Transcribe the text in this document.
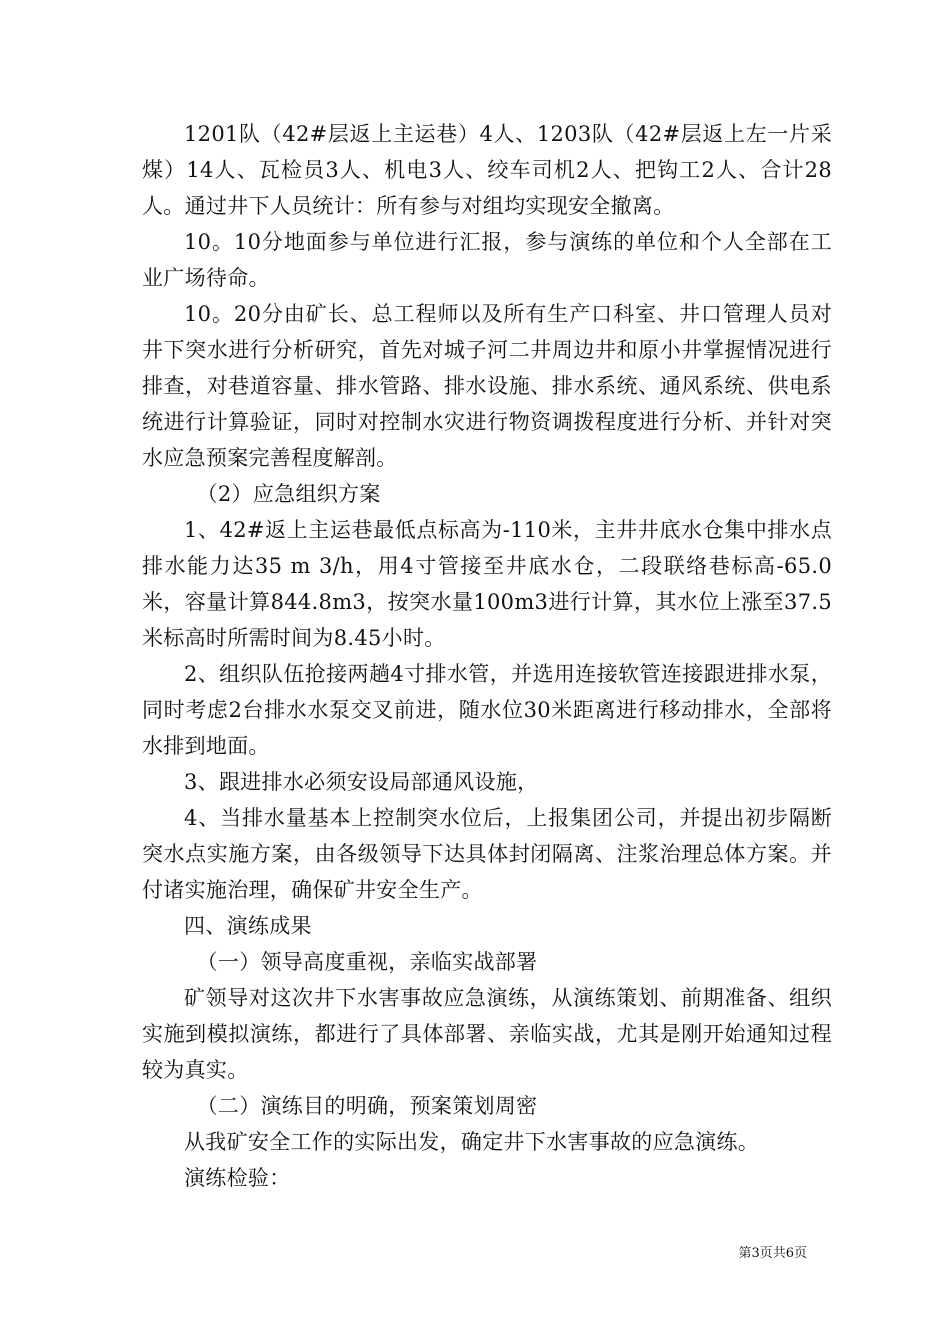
1201队（42#层返上主运巷）4人、1203队（42#层返上左一片采煤）14人、瓦检员3人、机电3人、绞车司机2人、把钩工2人、合计28人。通过井下人员统计：所有参与对组均实现安全撤离。

10。10分地面参与单位进行汇报，参与演练的单位和个人全部在工业广场待命。

10。20分由矿长、总工程师以及所有生产口科室、井口管理人员对井下突水进行分析研究，首先对城子河二井周边井和原小井掌握情况进行排查，对巷道容量、排水管路、排水设施、排水系统、通风系统、供电系统进行计算验证，同时对控制水灾进行物资调拨程度进行分析、并针对突水应急预案完善程度解剖。

（2）应急组织方案

1、42#返上主运巷最低点标高为-110米，主井井底水仓集中排水点排水能力达35 m 3/h，用4寸管接至井底水仓，二段联络巷标高-65.0米，容量计算844.8m3，按突水量100m3进行计算，其水位上涨至37.5米标高时所需时间为8.45小时。

2、组织队伍抢接两趟4寸排水管，并选用连接软管连接跟进排水泵，同时考虑2台排水水泵交叉前进，随水位30米距离进行移动排水，全部将水排到地面。

3、跟进排水必须安设局部通风设施，

4、当排水量基本上控制突水位后，上报集团公司，并提出初步隔断突水点实施方案，由各级领导下达具体封闭隔离、注浆治理总体方案。并付诸实施治理，确保矿井安全生产。

四、演练成果

（一）领导高度重视，亲临实战部署

矿领导对这次井下水害事故应急演练，从演练策划、前期准备、组织实施到模拟演练，都进行了具体部署、亲临实战，尤其是刚开始通知过程较为真实。

（二）演练目的明确，预案策划周密

从我矿安全工作的实际出发，确定井下水害事故的应急演练。

演练检验：

第3页共6页
